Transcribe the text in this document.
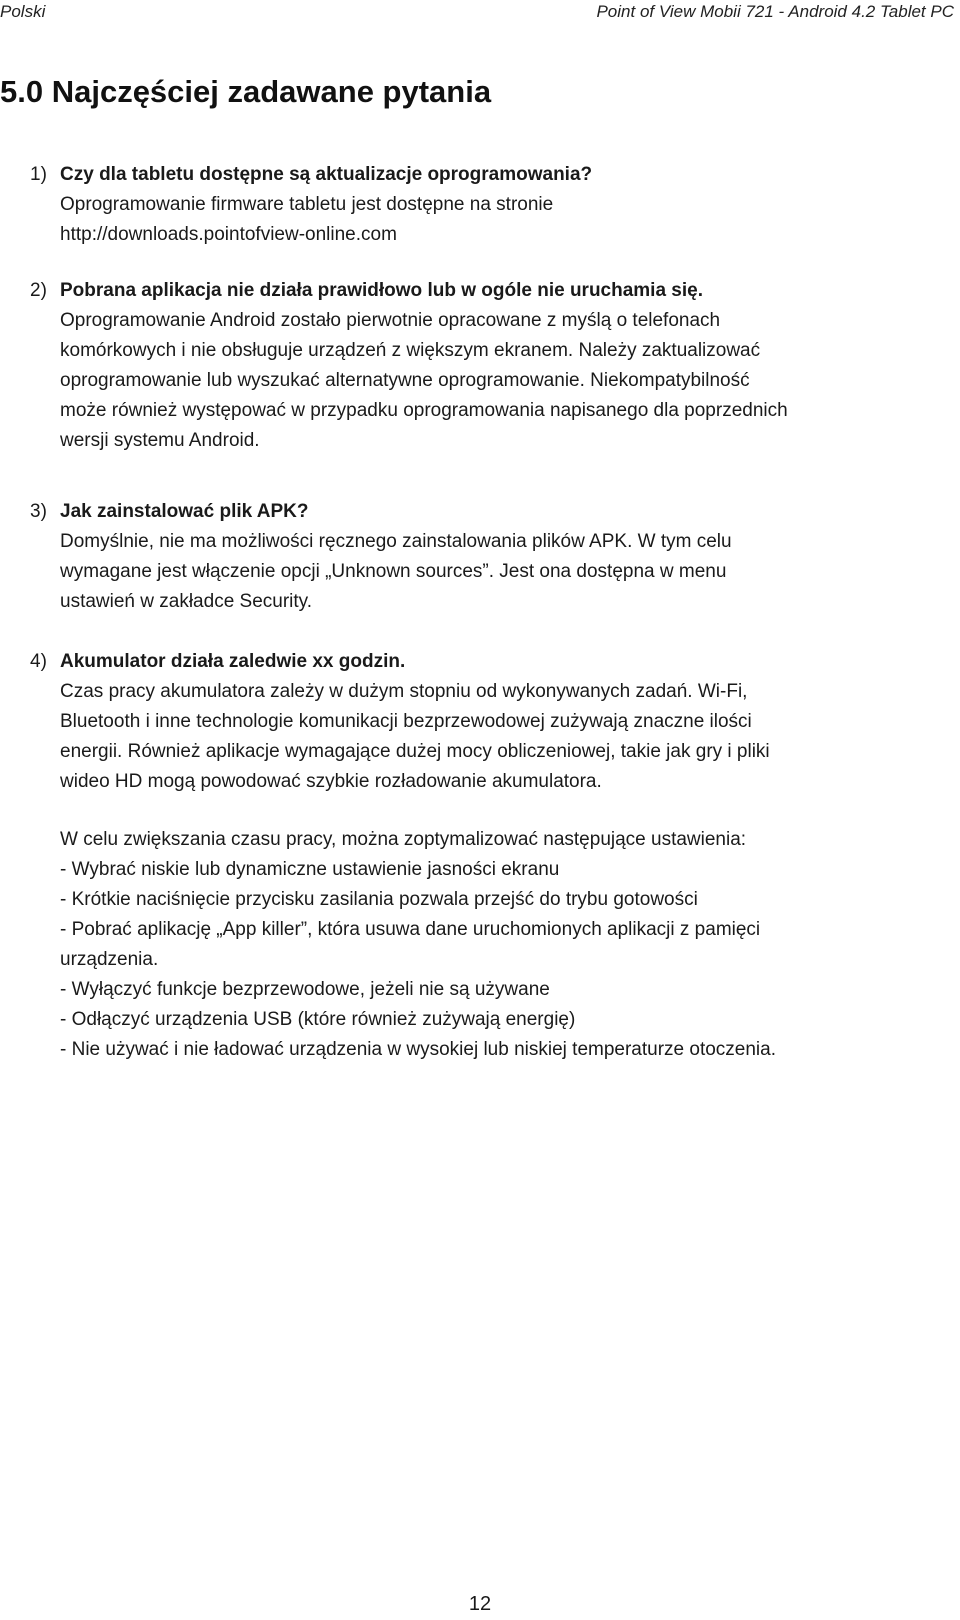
Polski	Point of View Mobii 721 - Android 4.2 Tablet PC
5.0 Najczęściej zadawane pytania
1) Czy dla tabletu dostępne są aktualizacje oprogramowania?
Oprogramowanie firmware tabletu jest dostępne na stronie
http://downloads.pointofview-online.com
2) Pobrana aplikacja nie działa prawidłowo lub w ogóle nie uruchamia się.
Oprogramowanie Android zostało pierwotnie opracowane z myślą o telefonach
komórkowych i nie obsługuje urządzeń z większym ekranem. Należy zaktualizować
oprogramowanie lub wyszukać alternatywne oprogramowanie. Niekompatybilność
może również występować w przypadku oprogramowania napisanego dla poprzednich
wersji systemu Android.
3) Jak zainstalować plik APK?
Domyślnie, nie ma możliwości ręcznego zainstalowania plików APK. W tym celu
wymagane jest włączenie opcji „Unknown sources”. Jest ona dostępna w menu
ustawień w zakładce Security.
4) Akumulator działa zaledwie xx godzin.
Czas pracy akumulatora zależy w dużym stopniu od wykonywanych zadań. Wi-Fi,
Bluetooth i inne technologie komunikacji bezprzewodowej zużywają znaczne ilości
energii. Również aplikacje wymagające dużej mocy obliczeniowej, takie jak gry i pliki
wideo HD mogą powodować szybkie rozładowanie akumulatora.
W celu zwiększania czasu pracy, można zoptymalizować następujące ustawienia:
- Wybrać niskie lub dynamiczne ustawienie jasności ekranu
- Krótkie naciśnięcie przycisku zasilania pozwala przejść do trybu gotowości
- Pobrać aplikację „App killer”, która usuwa dane uruchomionych aplikacji z pamięci
urządzenia.
- Wyłączyć funkcje bezprzewodowe, jeżeli nie są używane
- Odłączyć urządzenia USB (które również zużywają energię)
- Nie używać i nie ładować urządzenia w wysokiej lub niskiej temperaturze otoczenia.
12
